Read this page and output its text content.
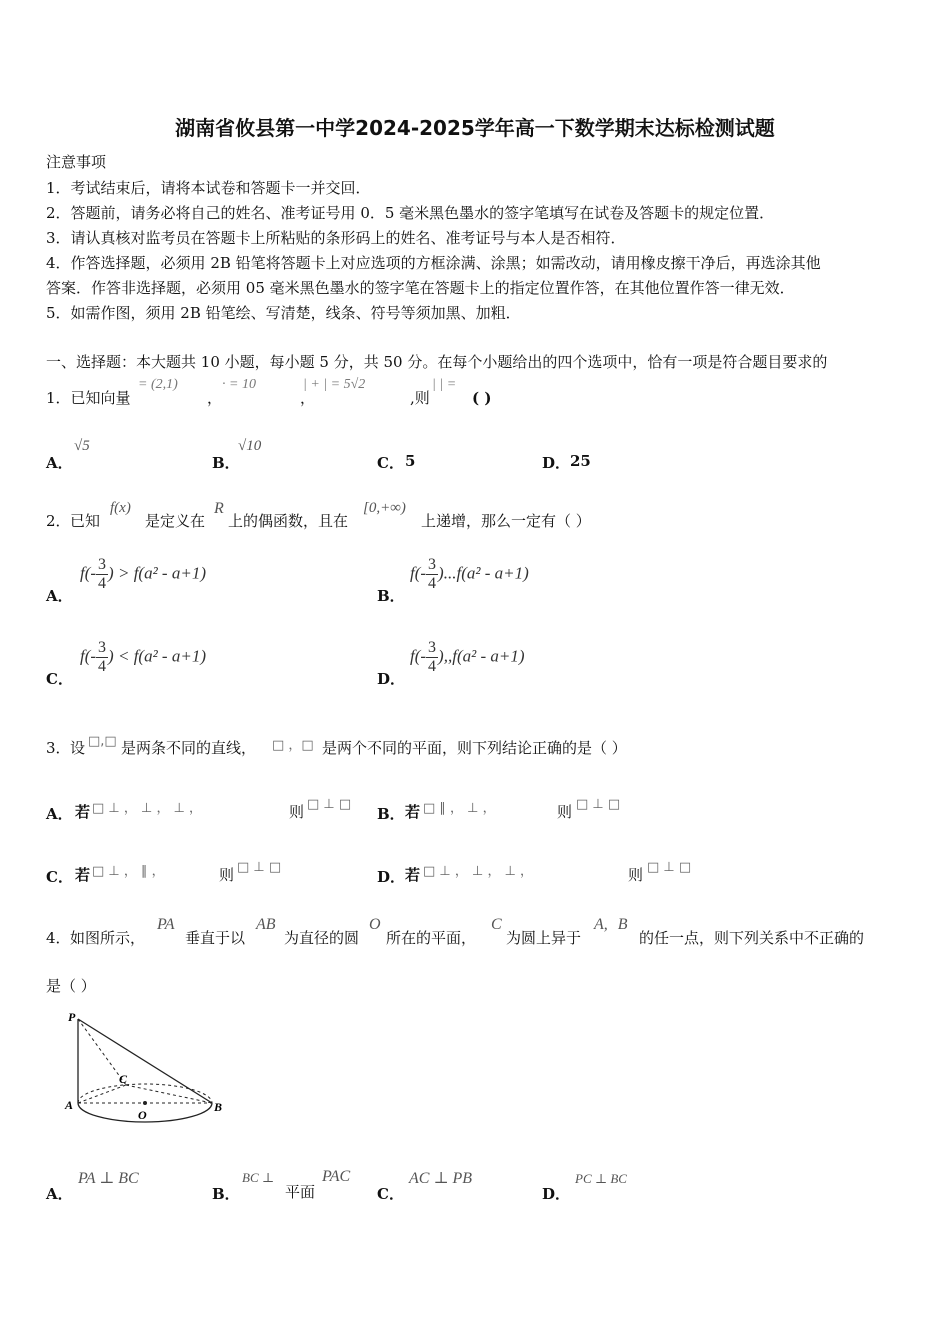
湖南省攸县第一中学2024-2025学年高一下数学期末达标检测试题
注意事项
1．考试结束后，请将本试卷和答题卡一并交回．
2．答题前，请务必将自己的姓名、准考证号用 0．5 毫米黑色墨水的签字笔填写在试卷及答题卡的规定位置．
3．请认真核对监考员在答题卡上所粘贴的条形码上的姓名、准考证号与本人是否相符．
4．作答选择题，必须用 2B 铅笔将答题卡上对应选项的方框涂满、涂黑；如需改动，请用橡皮擦干净后，再选涂其他
答案．作答非选择题，必须用 05 毫米黑色墨水的签字笔在答题卡上的指定位置作答，在其他位置作答一律无效．
5．如需作图，须用 2B 铅笔绘、写清楚，线条、符号等须加黑、加粗．
一、选择题：本大题共 10 小题，每小题 5 分，共 50 分。在每个小题给出的四个选项中，恰有一项是符合题目要求的
1．已知向量
= (2,1)
，
· = 10	| + | = 5√2
，	,则
| | =
( )
A．
√5
B．
√10
C． 5	D． 25
2． 已知
f(x)
是定义在
R
上的偶函数，且在
[0,+∞)
上递增，那么一定有（ ）
A．
$f(- \frac{3}{4}$ ) > f(a² - a+1)
B．
$f(- \frac{3}{4} )...f(a^2 - a+1)$
C．
$f(- \frac{3}{4}$ ) < f(a² - a+1)
D．
$f(- \frac{3}{4} ),,f(a^2 - a+1)$
3． 设 □,□ 是两条不同的直线， □ ，□ 是两个不同的平面，则下列结论正确的是（ ）
A． 若 □ ⊥ ， ⊥ ， ⊥ ，	则 □ ⊥ □
B． 若 □ ∥ ， ⊥ ，	则 □ ⊥ □
C． 若 □ ⊥ ， ∥ ，	则 □ ⊥ □
D． 若 □ ⊥ ， ⊥ ， ⊥ ，	则 □ ⊥ □
4． 如图所示，
PA
垂直于以
AB
为直径的圆
O
所在的平面，
C
为圆上异于
A, B
的任一点，则下列关系中不正确的
是（ ）
P
C
A
O
B
A．
PA ⊥ BC
B．
BC ⊥
平面
PAC
C．
AC ⊥ PB
D．
PC ⊥ BC
